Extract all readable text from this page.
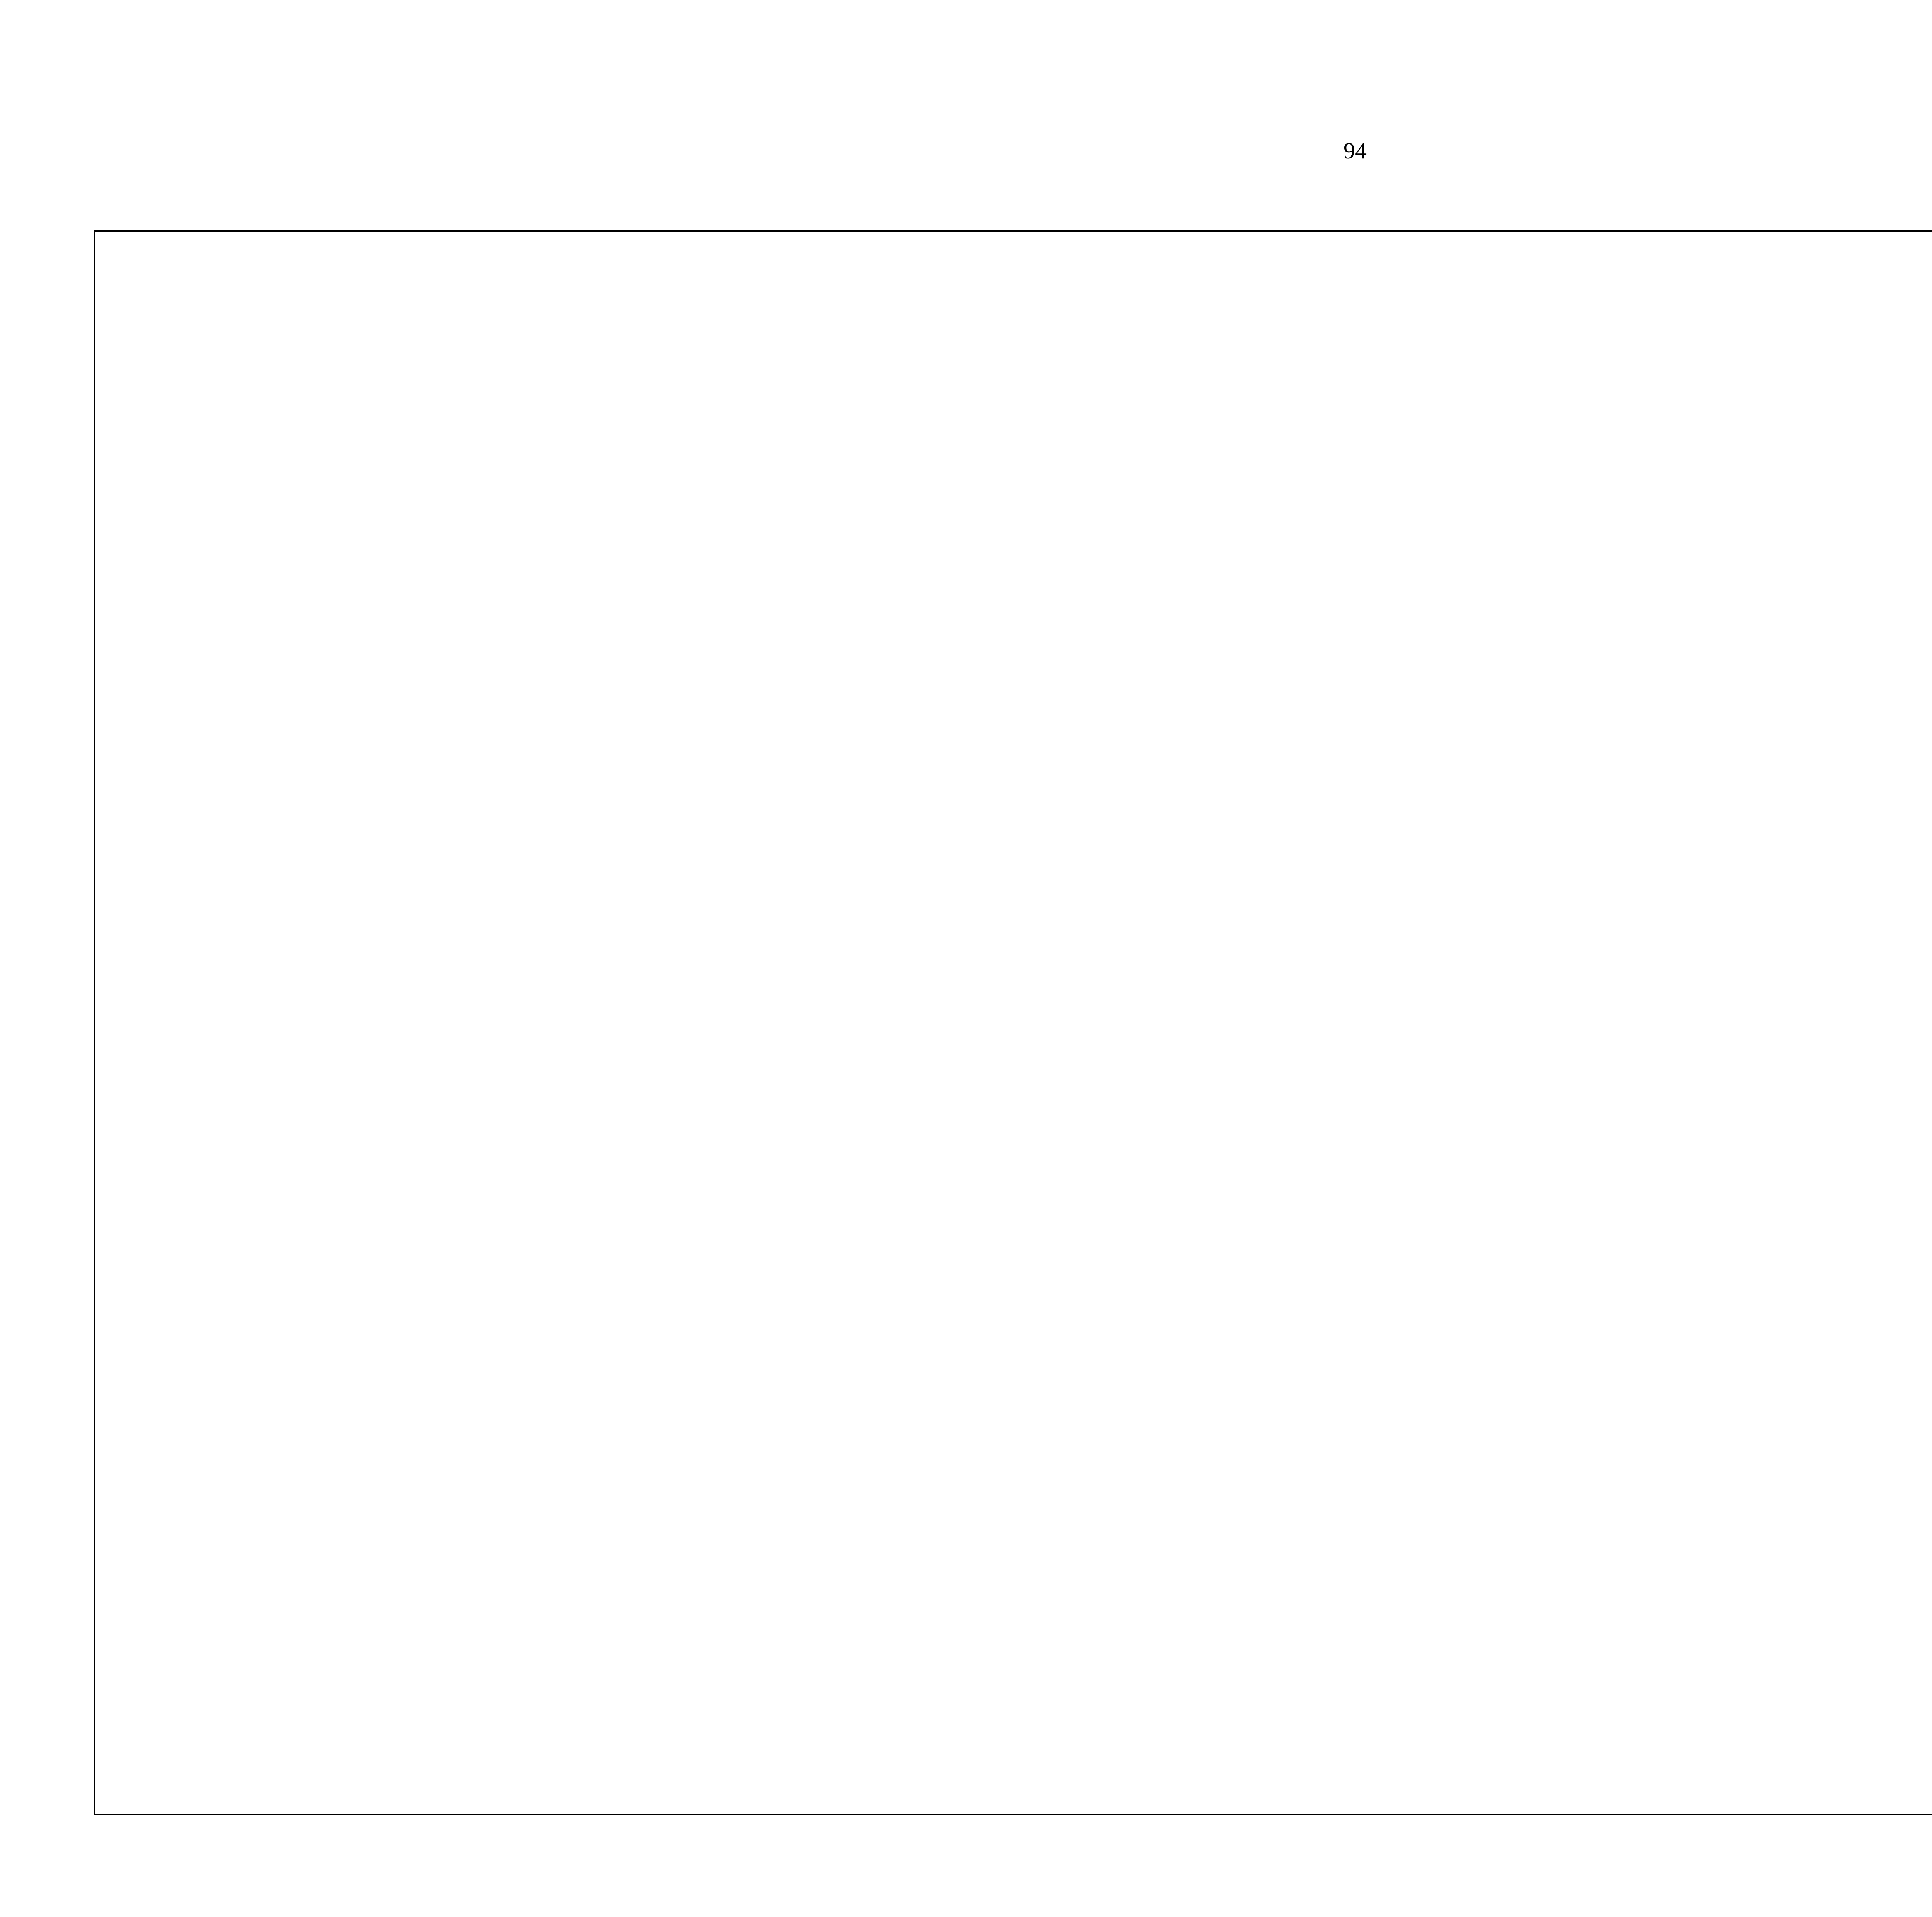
94
